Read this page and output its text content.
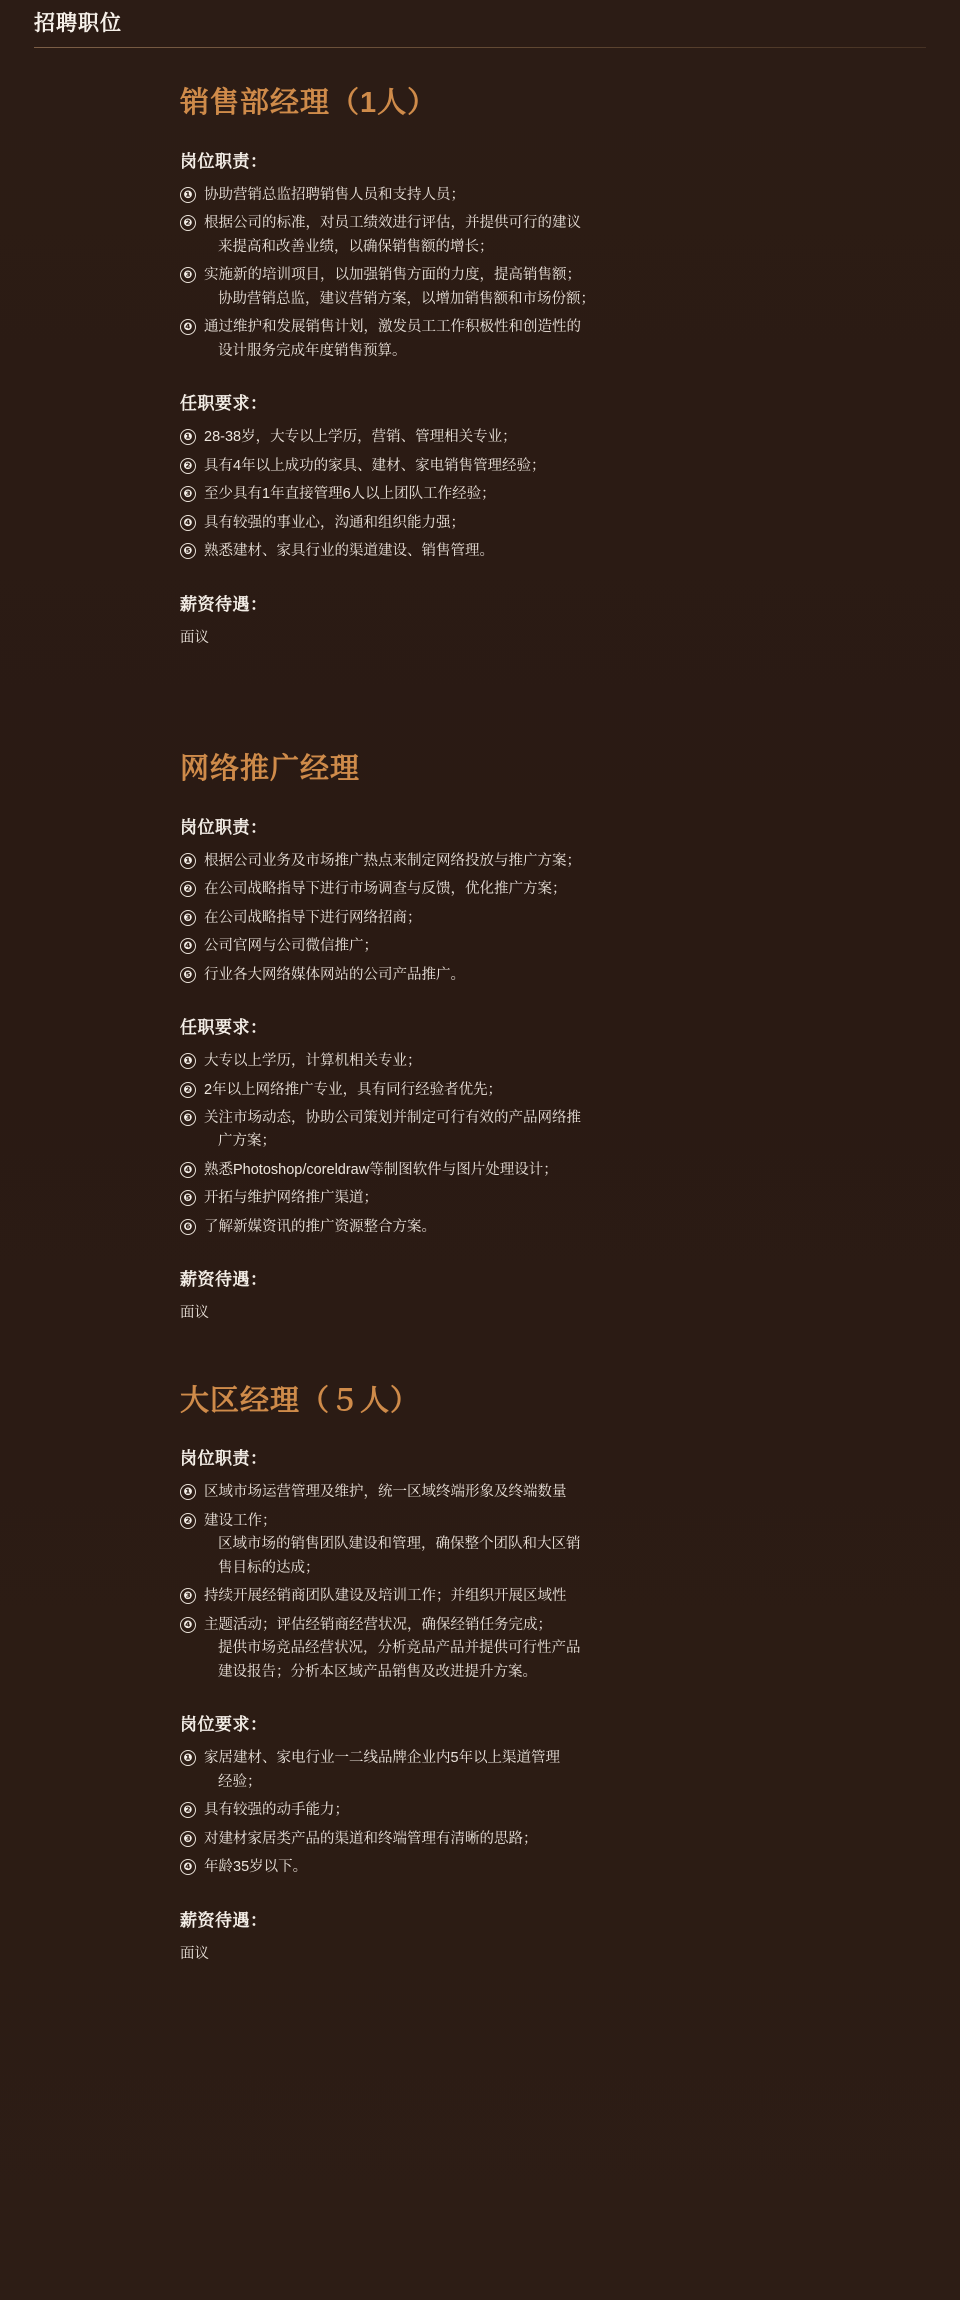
招聘职位
销售部经理（1人）
岗位职责：
❶ 协助营销总监招聘销售人员和支持人员；
❷ 根据公司的标准，对员工绩效进行评估，并提供可行的建议
来提高和改善业绩，以确保销售额的增长；
❸ 实施新的培训项目，以加强销售方面的力度，提高销售额；
协助营销总监，建议营销方案，以增加销售额和市场份额；
❹ 通过维护和发展销售计划，激发员工工作积极性和创造性的
设计服务完成年度销售预算。
任职要求：
❶ 28-38岁，大专以上学历，营销、管理相关专业；
❷ 具有4年以上成功的家具、建材、家电销售管理经验；
❸ 至少具有1年直接管理6人以上团队工作经验；
❹ 具有较强的事业心，沟通和组织能力强；
❺ 熟悉建材、家具行业的渠道建设、销售管理。
薪资待遇：

面议

网络推广经理
岗位职责：
❶ 根据公司业务及市场推广热点来制定网络投放与推广方案；
❷ 在公司战略指导下进行市场调查与反馈，优化推广方案；
❸ 在公司战略指导下进行网络招商；
❹ 公司官网与公司微信推广；
❺ 行业各大网络媒体网站的公司产品推广。
任职要求：
❶ 大专以上学历，计算机相关专业；
❷ 2年以上网络推广专业，具有同行经验者优先；
❸ 关注市场动态，协助公司策划并制定可行有效的产品网络推
广方案；
❹ 熟悉Photoshop/coreldraw等制图软件与图片处理设计；
❺ 开拓与维护网络推广渠道；
❻ 了解新媒资讯的推广资源整合方案。
薪资待遇：

面议

大区经理（５人）
岗位职责：
❶ 区域市场运营管理及维护，统一区域终端形象及终端数量
❷ 建设工作；
区域市场的销售团队建设和管理，确保整个团队和大区销
售目标的达成；
❸ 持续开展经销商团队建设及培训工作；并组织开展区域性
❹ 主题活动；评估经销商经营状况，确保经销任务完成；
提供市场竞品经营状况，分析竞品产品并提供可行性产品
建设报告；分析本区域产品销售及改进提升方案。
岗位要求：
❶ 家居建材、家电行业一二线品牌企业内5年以上渠道管理
经验；
❷ 具有较强的动手能力；
❸ 对建材家居类产品的渠道和终端管理有清晰的思路；
❹ 年龄35岁以下。
薪资待遇：

面议
